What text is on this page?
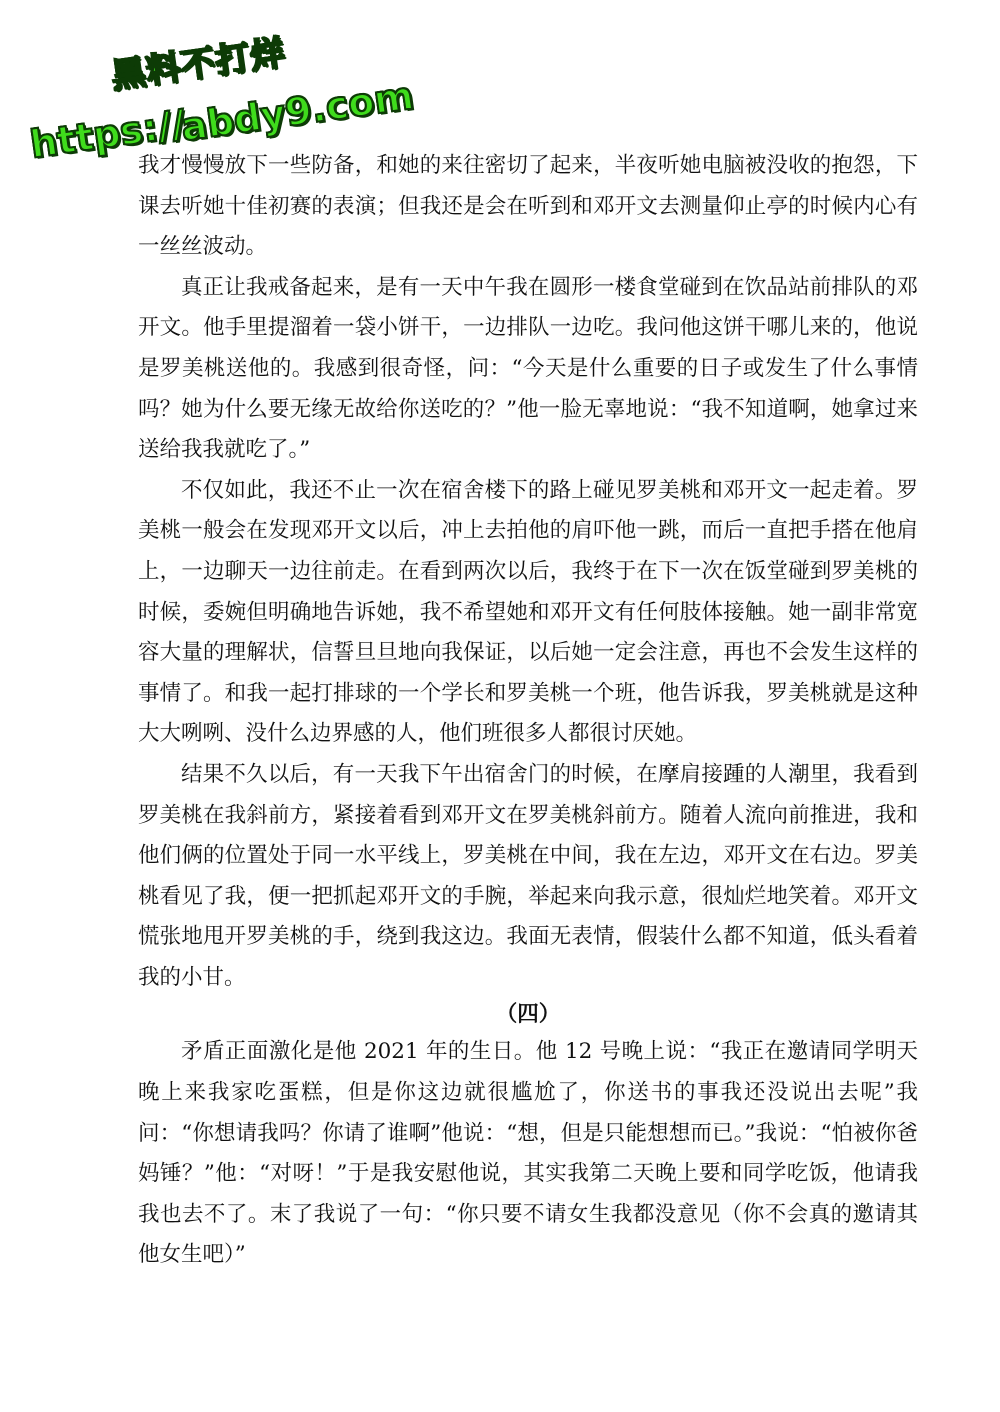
黑料不打烊
https://
abdy9.com

我才慢慢放下一些防备，和她的来往密切了起来，半夜听她电脑被没收的抱怨，下课去听她十佳初赛的表演；但我还是会在听到和邓开文去测量仰止亭的时候内心有一丝丝波动。

真正让我戒备起来，是有一天中午我在圆形一楼食堂碰到在饮品站前排队的邓开文。他手里提溜着一袋小饼干，一边排队一边吃。我问他这饼干哪儿来的，他说是罗美桃送他的。我感到很奇怪，问：“今天是什么重要的日子或发生了什么事情吗？她为什么要无缘无故给你送吃的？”他一脸无辜地说：“我不知道啊，她拿过来送给我我就吃了。”

不仅如此，我还不止一次在宿舍楼下的路上碰见罗美桃和邓开文一起走着。罗美桃一般会在发现邓开文以后，冲上去拍他的肩吓他一跳，而后一直把手搭在他肩上，一边聊天一边往前走。在看到两次以后，我终于在下一次在饭堂碰到罗美桃的时候，委婉但明确地告诉她，我不希望她和邓开文有任何肢体接触。她一副非常宽容大量的理解状，信誓旦旦地向我保证，以后她一定会注意，再也不会发生这样的事情了。和我一起打排球的一个学长和罗美桃一个班，他告诉我，罗美桃就是这种大大咧咧、没什么边界感的人，他们班很多人都很讨厌她。

结果不久以后，有一天我下午出宿舍门的时候，在摩肩接踵的人潮里，我看到罗美桃在我斜前方，紧接着看到邓开文在罗美桃斜前方。随着人流向前推进，我和他们俩的位置处于同一水平线上，罗美桃在中间，我在左边，邓开文在右边。罗美桃看见了我，便一把抓起邓开文的手腕，举起来向我示意，很灿烂地笑着。邓开文慌张地甩开罗美桃的手，绕到我这边。我面无表情，假装什么都不知道，低头看着我的小甘。

（四）

矛盾正面激化是他 2021 年的生日。他 12 号晚上说：“我正在邀请同学明天晚上来我家吃蛋糕，但是你这边就很尴尬了，你送书的事我还没说出去呢”我问：“你想请我吗？你请了谁啊”他说：“想，但是只能想想而已。”我说：“怕被你爸妈锤？”他：“对呀！”于是我安慰他说，其实我第二天晚上要和同学吃饭，他请我我也去不了。末了我说了一句：“你只要不请女生我都没意见（你不会真的邀请其他女生吧）”
